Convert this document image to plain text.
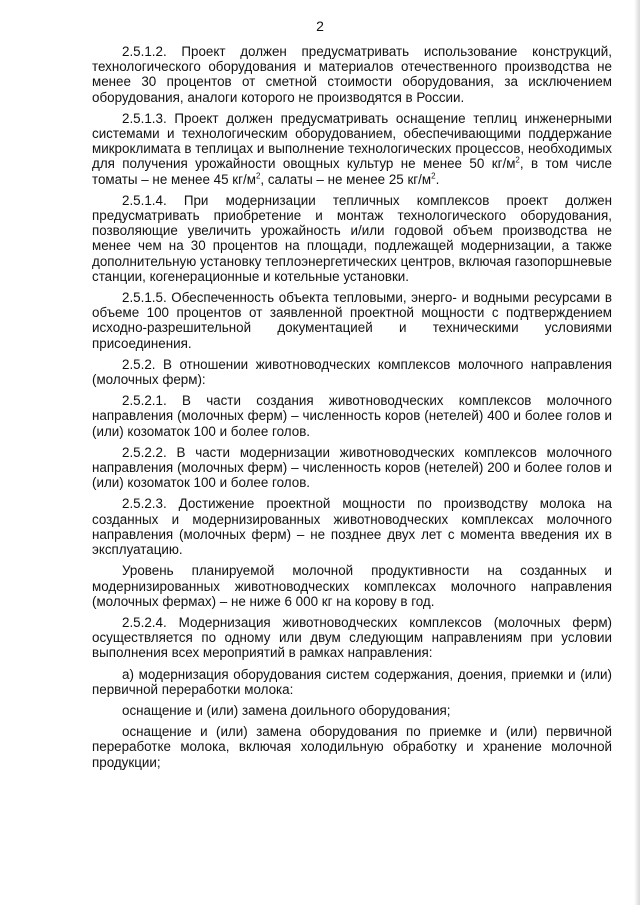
2

2.5.1.2. Проект должен предусматривать использование конструкций, технологического оборудования и материалов отечественного производства не менее 30 процентов от сметной стоимости оборудования, за исключением оборудования, аналоги которого не производятся в России.

2.5.1.3. Проект должен предусматривать оснащение теплиц инженерными системами и технологическим оборудованием, обеспечивающими поддержание микроклимата в теплицах и выполнение технологических процессов, необходимых для получения урожайности овощных культур не менее 50 $кг/м^2$, в том числе томаты – не менее 45 $кг/м^2$, салаты – не менее 25 $кг/м^2$.

2.5.1.4. При модернизации тепличных комплексов проект должен предусматривать приобретение и монтаж технологического оборудования, позволяющие увеличить урожайность и/или годовой объем производства не менее чем на 30 процентов на площади, подлежащей модернизации, а также дополнительную установку теплоэнергетических центров, включая газопоршневые станции, когенерационные и котельные установки.

2.5.1.5. Обеспеченность объекта тепловыми, энерго- и водными ресурсами в объеме 100 процентов от заявленной проектной мощности с подтверждением исходно-разрешительной документацией и техническими условиями присоединения.

2.5.2. В отношении животноводческих комплексов молочного направления (молочных ферм):

2.5.2.1. В части создания животноводческих комплексов молочного направления (молочных ферм) – численность коров (нетелей) 400 и более голов и (или) козоматок 100 и более голов.

2.5.2.2. В части модернизации животноводческих комплексов молочного направления (молочных ферм) – численность коров (нетелей) 200 и более голов и (или) козоматок 100 и более голов.

2.5.2.3. Достижение проектной мощности по производству молока на созданных и модернизированных животноводческих комплексах молочного направления (молочных ферм) – не позднее двух лет с момента введения их в эксплуатацию.

Уровень планируемой молочной продуктивности на созданных и модернизированных животноводческих комплексах молочного направления (молочных фермах) – не ниже 6 000 кг на корову в год.

2.5.2.4. Модернизация животноводческих комплексов (молочных ферм) осуществляется по одному или двум следующим направлениям при условии выполнения всех мероприятий в рамках направления:

а) модернизация оборудования систем содержания, доения, приемки и (или) первичной переработки молока:

оснащение и (или) замена доильного оборудования;

оснащение и (или) замена оборудования по приемке и (или) первичной переработке молока, включая холодильную обработку и хранение молочной продукции;
